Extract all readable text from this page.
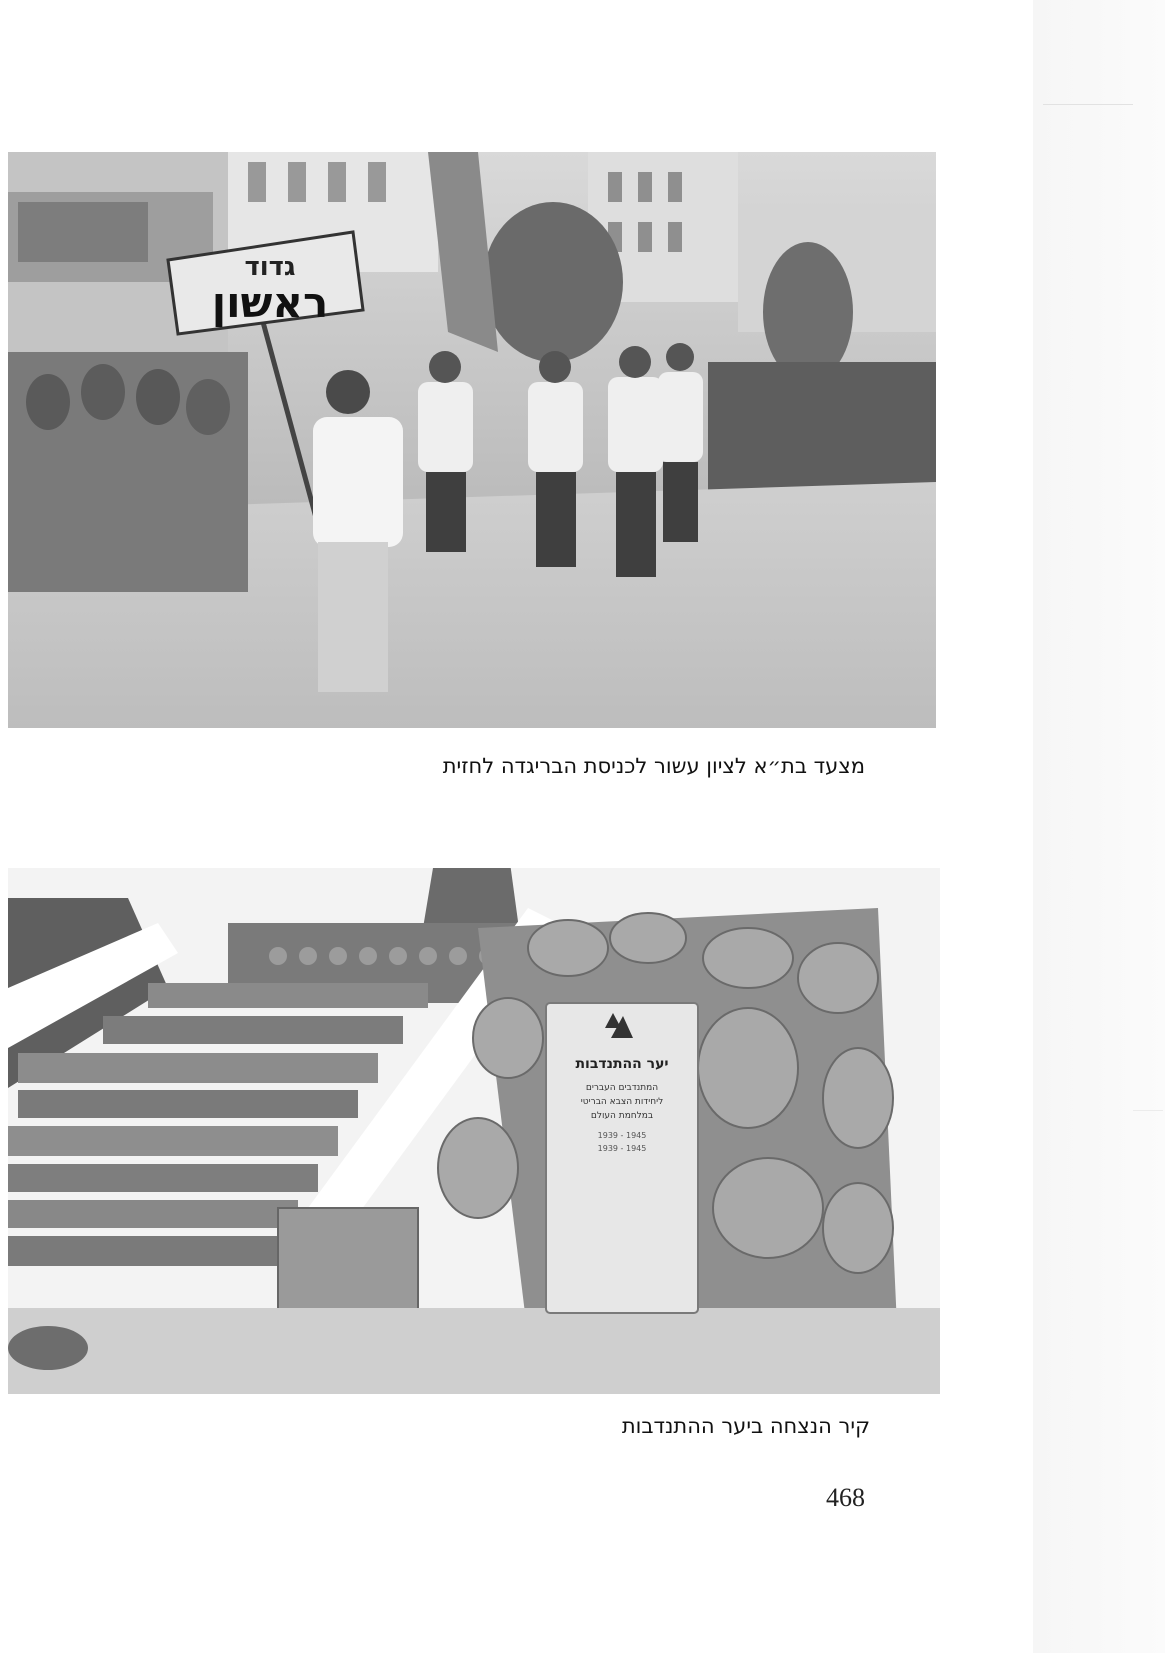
גדוד
ראשון
מצעד בת״א לציון עשור לכניסת הבריגדה לחזית
יער ההתנדבות
המתנדבים העברים
ליחידות הצבא הבריטי
במלחמת העולם
1939 - 1945
1939 - 1945
קיר הנצחה ביער ההתנדבות
468
